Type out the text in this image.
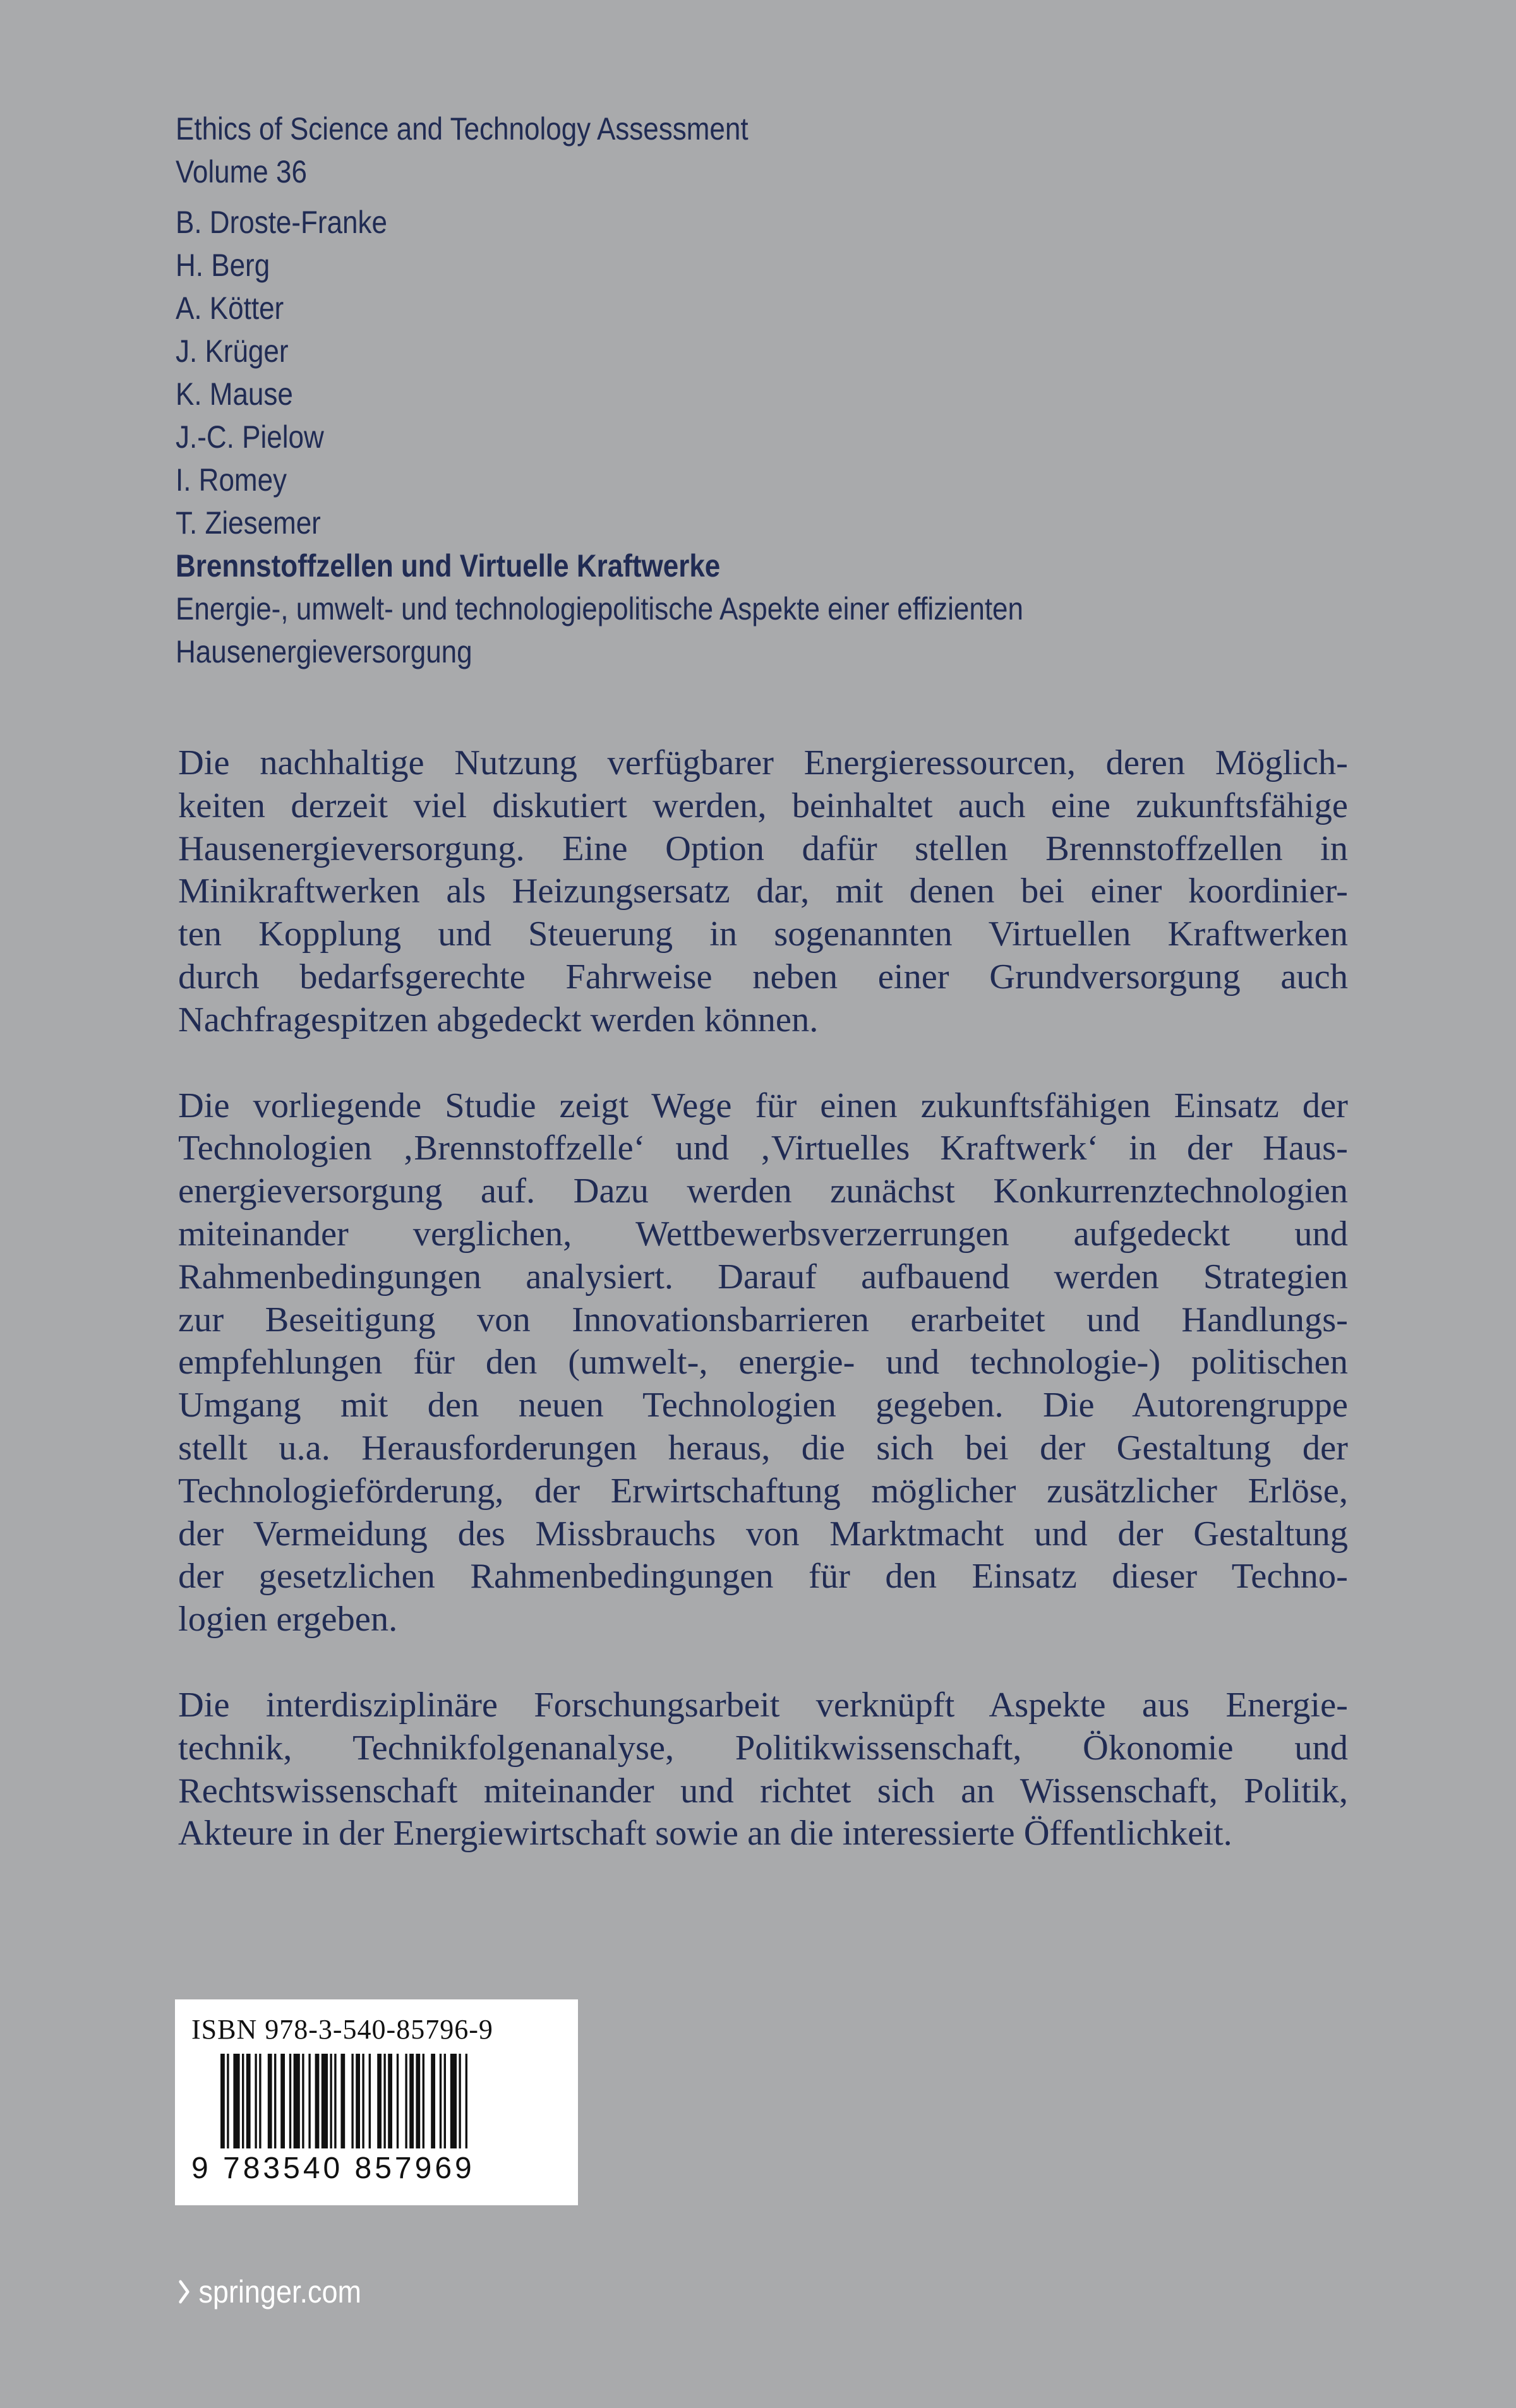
Ethics of Science and Technology Assessment
Volume 36
B. Droste-Franke
H. Berg
A. Kötter
J. Krüger
K. Mause
J.-C. Pielow
I. Romey
T. Ziesemer
Brennstoffzellen und Virtuelle Kraftwerke
Energie-, umwelt- und technologiepolitische Aspekte einer effizienten
Hausenergieversorgung

Die nachhaltige Nutzung verfügbarer Energieressourcen, deren Möglich-
keiten derzeit viel diskutiert werden, beinhaltet auch eine zukunftsfähige
Hausenergieversorgung. Eine Option dafür stellen Brennstoffzellen in
Minikraftwerken als Heizungsersatz dar, mit denen bei einer koordinier-
ten Kopplung und Steuerung in sogenannten Virtuellen Kraftwerken
durch bedarfsgerechte Fahrweise neben einer Grundversorgung auch
Nachfragespitzen abgedeckt werden können.

Die vorliegende Studie zeigt Wege für einen zukunftsfähigen Einsatz der
Technologien ‚Brennstoffzelle‘ und ‚Virtuelles Kraftwerk‘ in der Haus-
energieversorgung auf. Dazu werden zunächst Konkurrenztechnologien
miteinander verglichen, Wettbewerbsverzerrungen aufgedeckt und
Rahmenbedingungen analysiert. Darauf aufbauend werden Strategien
zur Beseitigung von Innovationsbarrieren erarbeitet und Handlungs-
empfehlungen für den (umwelt-, energie- und technologie-) politischen
Umgang mit den neuen Technologien gegeben. Die Autorengruppe
stellt u.a. Herausforderungen heraus, die sich bei der Gestaltung der
Technologieförderung, der Erwirtschaftung möglicher zusätzlicher Erlöse,
der Vermeidung des Missbrauchs von Marktmacht und der Gestaltung
der gesetzlichen Rahmenbedingungen für den Einsatz dieser Techno-
logien ergeben.

Die interdisziplinäre Forschungsarbeit verknüpft Aspekte aus Energie-
technik, Technikfolgenanalyse, Politikwissenschaft, Ökonomie und
Rechtswissenschaft miteinander und richtet sich an Wissenschaft, Politik,
Akteure in der Energiewirtschaft sowie an die interessierte Öffentlichkeit.

ISBN 978-3-540-85796-9
9 783540 857969
springer.com
